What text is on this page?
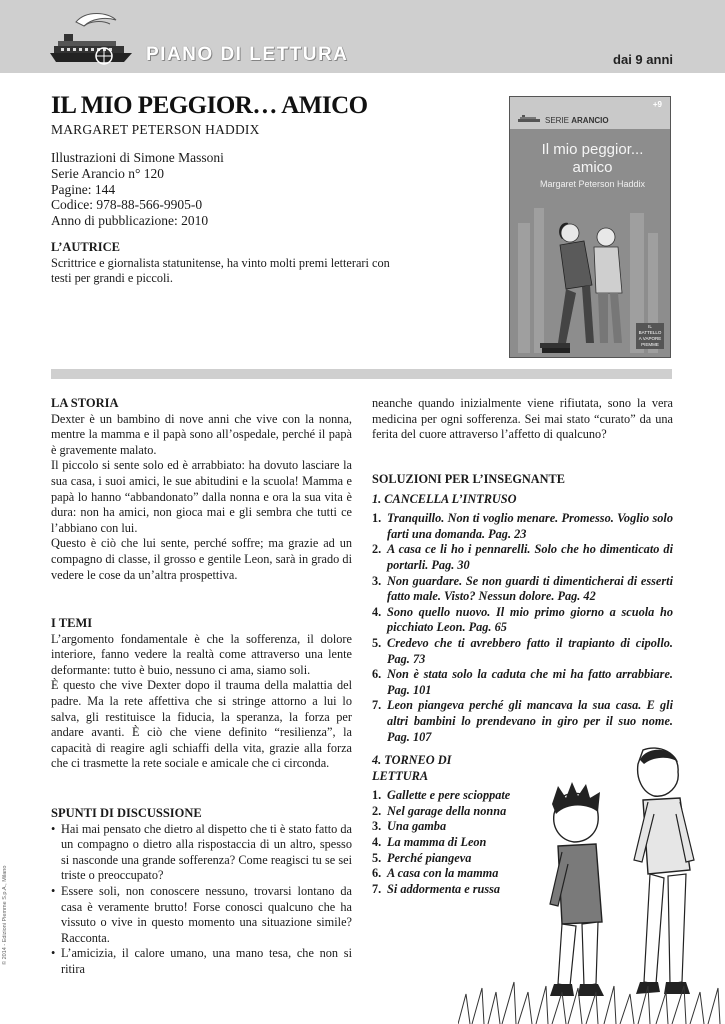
PIANO DI LETTURA	dai 9 anni
IL MIO PEGGIOR… AMICO
MARGARET PETERSON HADDIX
Illustrazioni di Simone Massoni
Serie Arancio n° 120
Pagine: 144
Codice: 978-88-566-9905-0
Anno di pubblicazione: 2010
L’AUTRICE
Scrittrice e giornalista statunitense, ha vinto molti premi letterari con testi per grandi e piccoli.
+9
SERIE ARANCIO
Il mio peggior...
amico
Margaret Peterson Haddix
IL BATTELLO A VAPORE PIEMME
LA STORIA
Dexter è un bambino di nove anni che vive con la nonna, mentre la mamma e il papà sono all’ospedale, perché il papà è gravemente malato.
Il piccolo si sente solo ed è arrabbiato: ha dovuto lasciare la sua casa, i suoi amici, le sue abitudini e la scuola! Mamma e papà lo hanno “abbandonato” dalla nonna e ora la sua vita è dura: non ha amici, non gioca mai e gli sembra che tutti ce l’abbiano con lui.
Questo è ciò che lui sente, perché soffre; ma grazie ad un compagno di classe, il grosso e gentile Leon, sarà in grado di vedere le cose da un’altra prospettiva.
I TEMI
L’argomento fondamentale è che la sofferenza, il dolore interiore, fanno vedere la realtà come attraverso una lente deformante: tutto è buio, nessuno ci ama, siamo soli.
È questo che vive Dexter dopo il trauma della malattia del padre. Ma la rete affettiva che si stringe attorno a lui lo salva, gli restituisce la fiducia, la speranza, la forza per andare avanti. È ciò che viene definito “resilienza”, la capacità di reagire agli schiaffi della vita, grazie alla forza che ci trasmette la rete sociale e amicale che ci circonda.
SPUNTI DI DISCUSSIONE
• Hai mai pensato che dietro al dispetto che ti è stato fatto da un compagno o dietro alla rispostaccia di un altro, spesso si nasconde una grande sofferenza? Come reagisci tu se sei triste o preoccupato?
• Essere soli, non conoscere nessuno, trovarsi lontano da casa è veramente brutto! Forse conosci qualcuno che ha vissuto o vive in questo momento una situazione simile? Racconta.
• L’amicizia, il calore umano, una mano tesa, che non si ritira
neanche quando inizialmente viene rifiutata, sono la vera medicina per ogni sofferenza. Sei mai stato “curato” da una ferita del cuore attraverso l’affetto di qualcuno?
SOLUZIONI PER L’INSEGNANTE
1. CANCELLA L’INTRUSO
1. Tranquillo. Non ti voglio menare. Promesso. Voglio solo farti una domanda. Pag. 23
2. A casa ce li ho i pennarelli. Solo che ho dimenticato di portarli. Pag. 30
3. Non guardare. Se non guardi ti dimenticherai di esserti fatto male. Visto? Nessun dolore. Pag. 42
4. Sono quello nuovo. Il mio primo giorno a scuola ho picchiato Leon. Pag. 65
5. Credevo che ti avrebbero fatto il trapianto di cipollo. Pag. 73
6. Non è stata solo la caduta che mi ha fatto arrabbiare. Pag. 101
7. Leon piangeva perché gli mancava la sua casa. E gli altri bambini lo prendevano in giro per il suo nome. Pag. 107
4. TORNEO DI LETTURA
1. Gallette e pere scioppate
2. Nel garage della nonna
3. Una gamba
4. La mamma di Leon
5. Perché piangeva
6. A casa con la mamma
7. Si addormenta e russa
© 2014 - Edizioni Piemme S.p.A., Milano
